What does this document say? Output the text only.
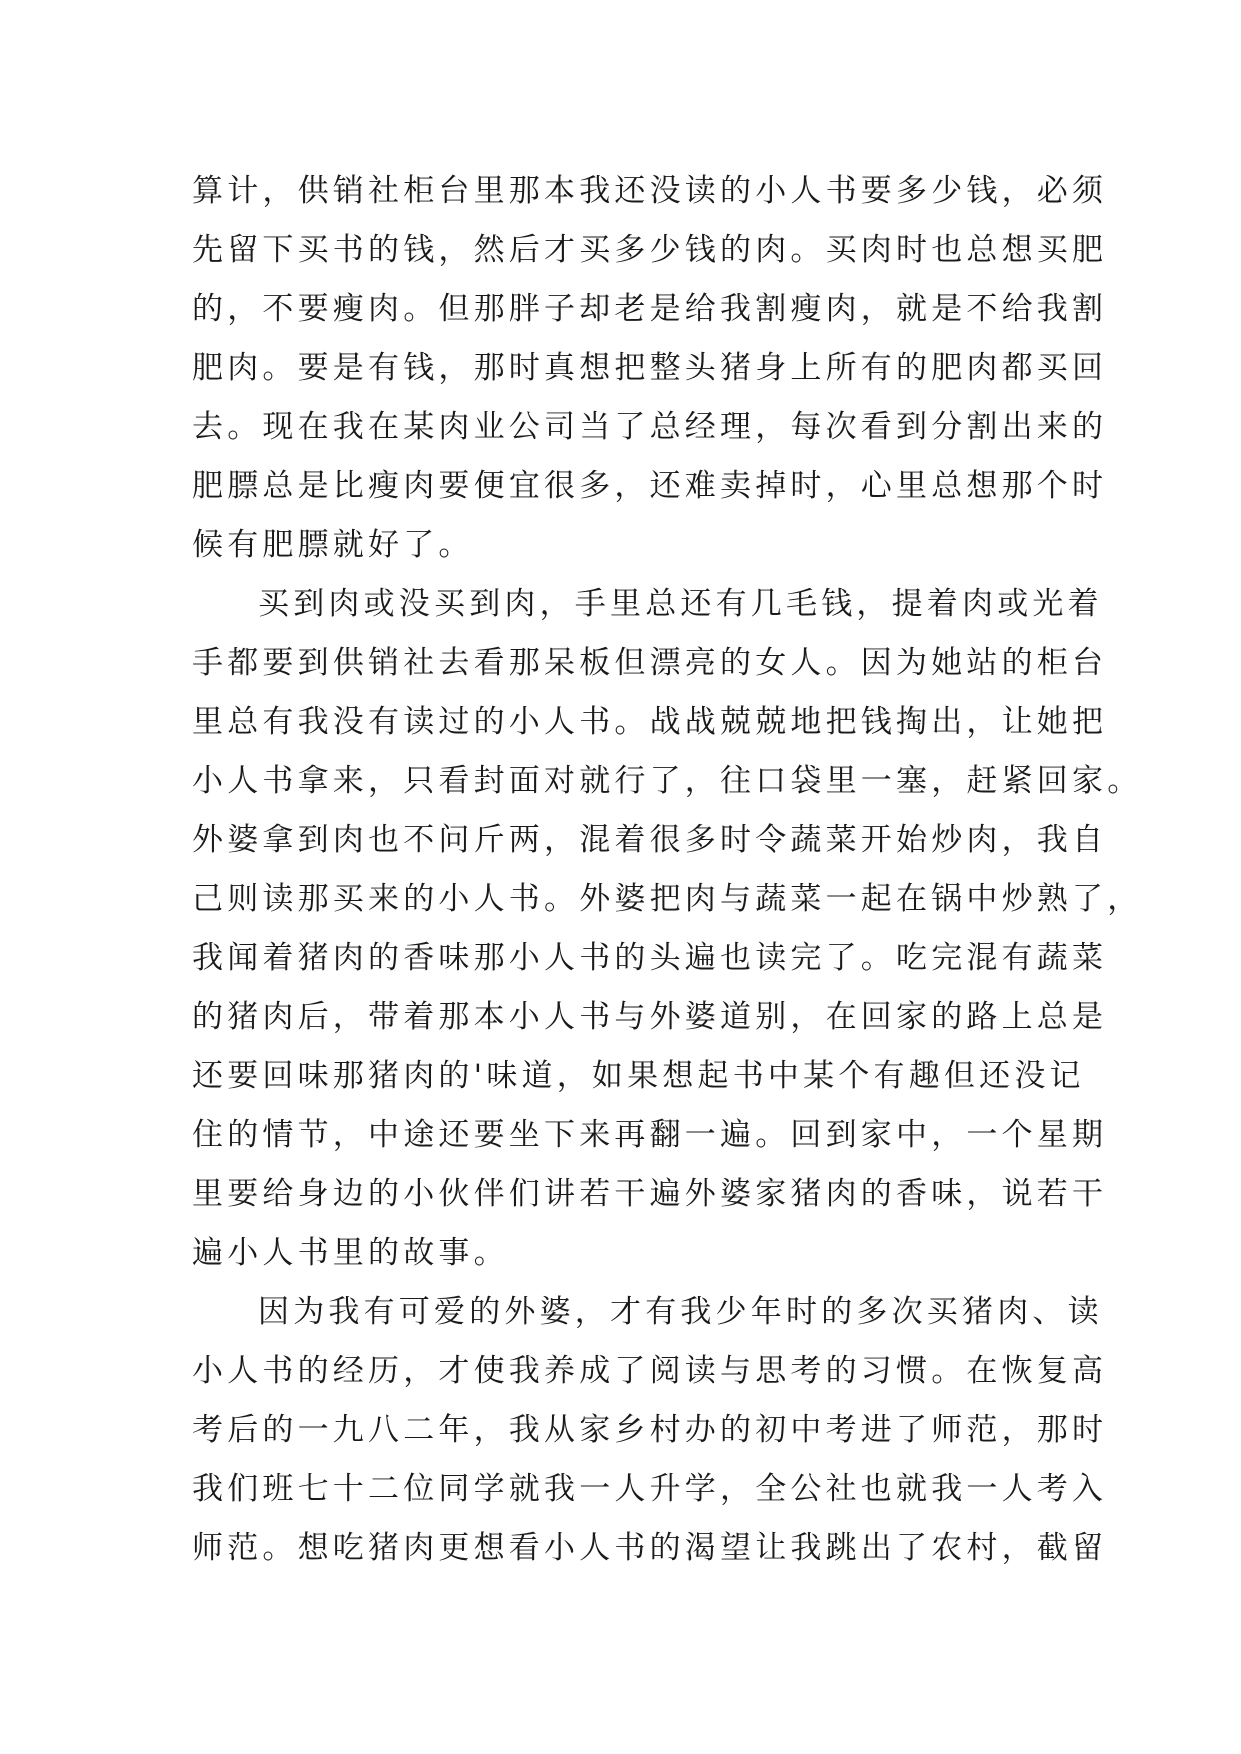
算计，供销社柜台里那本我还没读的小人书要多少钱，必须
先留下买书的钱，然后才买多少钱的肉。买肉时也总想买肥
的，不要瘦肉。但那胖子却老是给我割瘦肉，就是不给我割
肥肉。要是有钱，那时真想把整头猪身上所有的肥肉都买回
去。现在我在某肉业公司当了总经理，每次看到分割出来的
肥膘总是比瘦肉要便宜很多，还难卖掉时，心里总想那个时
候有肥膘就好了。
买到肉或没买到肉，手里总还有几毛钱，提着肉或光着
手都要到供销社去看那呆板但漂亮的女人。因为她站的柜台
里总有我没有读过的小人书。战战兢兢地把钱掏出，让她把
小人书拿来，只看封面对就行了，往口袋里一塞，赶紧回家。
外婆拿到肉也不问斤两，混着很多时令蔬菜开始炒肉，我自
己则读那买来的小人书。外婆把肉与蔬菜一起在锅中炒熟了，
我闻着猪肉的香味那小人书的头遍也读完了。吃完混有蔬菜
的猪肉后，带着那本小人书与外婆道别，在回家的路上总是
还要回味那猪肉的'味道，如果想起书中某个有趣但还没记
住的情节，中途还要坐下来再翻一遍。回到家中，一个星期
里要给身边的小伙伴们讲若干遍外婆家猪肉的香味，说若干
遍小人书里的故事。
因为我有可爱的外婆，才有我少年时的多次买猪肉、读
小人书的经历，才使我养成了阅读与思考的习惯。在恢复高
考后的一九八二年，我从家乡村办的初中考进了师范，那时
我们班七十二位同学就我一人升学，全公社也就我一人考入
师范。想吃猪肉更想看小人书的渴望让我跳出了农村，截留
